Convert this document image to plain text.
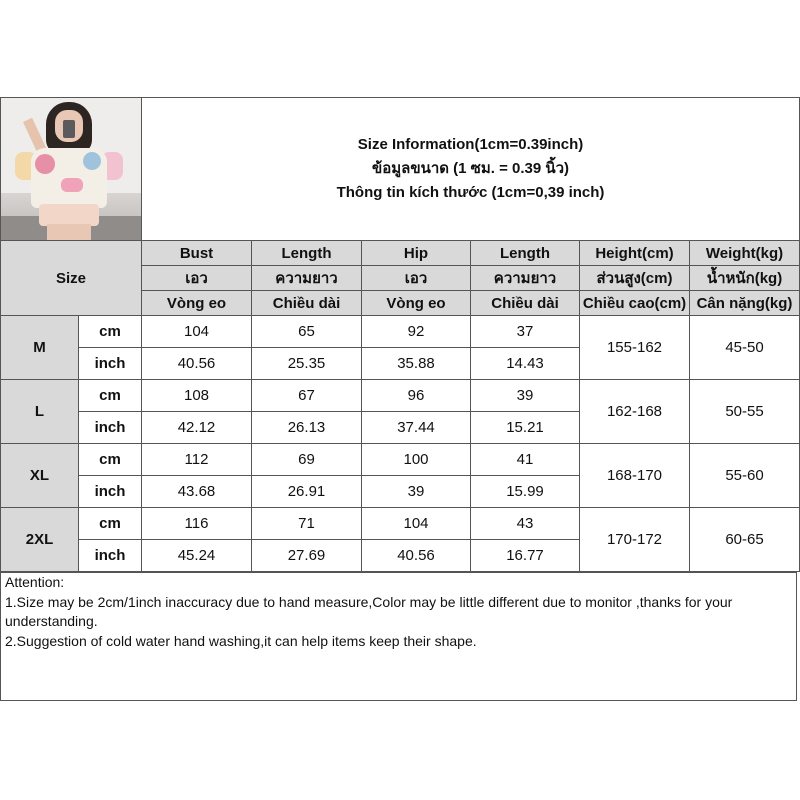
		Size Information(1cm=0.39inch)
ข้อมูลขนาด (1 ซม. = 0.39 นิ้ว)
Thông tin kích thước (1cm=0,39 inch)					

Size		Bust	Length	Hip	Length	Height(cm)	Weight(kg)
		เอว	ความยาว	เอว	ความยาว	ส่วนสูง(cm)	น้ำหนัก(kg)
		Vòng eo	Chiều dài	Vòng eo	Chiều dài	Chiều cao(cm)	Cân nặng(kg)
M	cm	104	65	92	37	155-162	45-50
	inch	40.56	25.35	35.88	14.43		
L	cm	108	67	96	39	162-168	50-55
	inch	42.12	26.13	37.44	15.21		
XL	cm	112	69	100	41	168-170	55-60
	inch	43.68	26.91	39	15.99		
2XL	cm	116	71	104	43	170-172	60-65
	inch	45.24	27.69	40.56	16.77		
Attention:
1.Size may be 2cm/1inch inaccuracy due to hand measure,Color may be little different due to monitor ,thanks for your understanding.
2.Suggestion of cold water hand washing,it can help items keep their shape.
